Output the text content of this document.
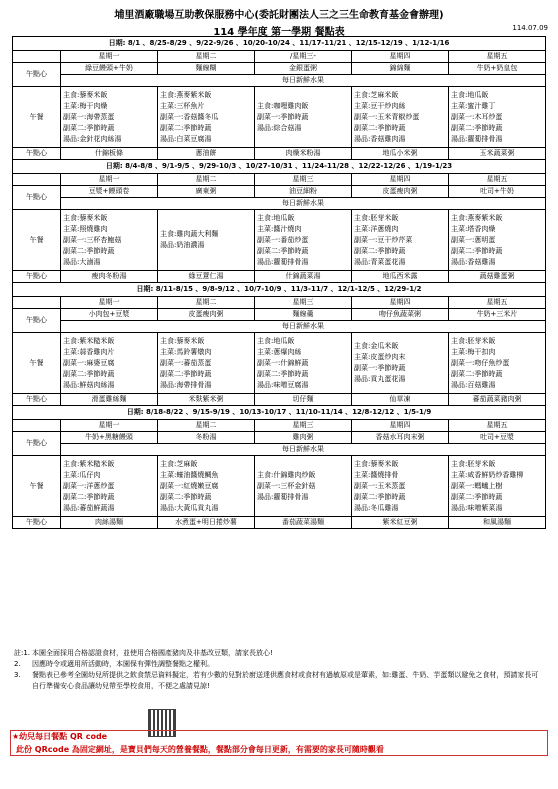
埔里酒廠職場互助教保服務中心(委託財團法人三之三生命教育基金會辦理)
114 學年度 第一學期 餐點表	114.07.09
日期: 8/1 、8/25-8/29 、9/22-9/26 、10/20-10/24 、11/17-11/21 、12/15-12/19 、1/12-1/16					
	星期一	星期二	/星期三-	星期四	星期五
午點心	綠豆饅頭+牛奶	麵線糊	金銀蛋粥	錦綿麵	牛奶+奶皇包
	每日新鮮水果				
午餐	主食:藜麥米飯
主菜:梅干肉燥
副菜一:海帶蒸蛋
副菜二:季節時蔬
湯品:金針花肉絲湯	主食:燕麥紫米飯
主菜:三杯魚片
副菜一:香菇醬冬瓜
副菜二:季節時蔬
湯品:白菜豆腐湯	主食:咖哩雞肉飯
副菜一:季節時蔬
湯品:綜合菇湯	主食:芝麻米飯
主菜:豆干炒肉絲
副菜一:玉米青椒炒蛋
副菜二:季節時蔬
湯品:香菇雞肉湯	主食:地瓜飯
主菜:蜜汁雞丁
副菜一:木耳炒蛋
副菜二:季節時蔬
湯品:蘿蔔排骨湯

午點心	什錦板條	蔥油餅	肉燥米粉湯	地瓜小米粥	玉米蔬菜粥
日期: 8/4-8/8 、9/1-9/5 、9/29-10/3 、10/27-10/31 、11/24-11/28 、12/22-12/26 、1/19-1/23					
	星期一	星期二	星期三	星期四	星期五
午點心	豆漿+饅頭卷	廣東粥	油豆細粉	皮蛋瘦肉粥	吐司+牛奶
	每日新鮮水果				
午餐	主食:藜麥米飯
主菜:照燒雞肉
副菜一:三杯杏鮑菇
副菜二:季節時蔬
湯品:大滷湯	主食:雞肉蔬大利麵
湯品:奶油濃湯	主食:地瓜飯
主菜:醬汁燒肉
副菜一:番茄炒蛋
副菜二:季節時蔬
湯品:蘿蔔排骨湯	主食:胚芽米飯
主菜:洋蔥燒肉
副菜一:豆干炒芹菜
副菜二:季節時蔬
湯品:青菜蛋花湯	主食:燕麥紫米飯
主菜:塔香肉燥
副菜一:蔥明蛋
副菜二:季節時蔬
湯品:香菇雞湯

午點心	瘦肉冬粉湯	綠豆薏仁湯	什錦蔬菜湯	地瓜西米露	蔬菇雞蛋粥
日期: 8/11-8/15 、9/8-9/12 、10/7-10/9 、11/3-11/7 、12/1-12/5 、12/29-1/2					
	星期一	星期二	星期三	星期四	星期五
午點心	小肉包+豆漿	皮蛋瘦肉粥	麵線羹	吻仔魚蔬菜粥	牛奶+三米片
	每日新鮮水果				
午餐	主食:紫米糙米飯
主菜:蒜香雞肉片
副菜一:麻婆豆腐
副菜二:季節時蔬
湯品:鮮菇肉絲湯	主食:藜麥米飯
主菜:馬鈴薯燉肉
副菜一:蕃茄蒸蛋
副菜二:季節時蔬
湯品:海帶排骨湯	主食:地瓜飯
主菜:蔥爆肉絲
副菜一:什錦鮮蔬
副菜二:季節時蔬
湯品:味噌豆腐湯	主食:金瓜米飯
主菜:皮蛋炒肉末
副菜一:季節時蔬
湯品:貢丸蛋花湯	主食:胚芽米飯
主菜:梅干扣肉
副菜一:吻仔魚炒蛋
副菜二:季節時蔬
湯品:百菇雞湯

午點心	滑蛋雞絲麵	米麩紫米粥	切仔麵	仙草凍	蕃茄蔬菜豬肉粥
日期: 8/18-8/22 、9/15-9/19 、10/13-10/17 、11/10-11/14 、12/8-12/12 、1/5-1/9					
	星期一	星期二	星期三	星期四	星期五
午點心	牛奶+黑糖饅頭	冬粉湯	雞肉粥	香菇水耳肉末粥	吐司+豆漿
	每日新鮮水果				
午餐	主食:紫米糙米飯
主菜:瓜仔肉
副菜一:洋蔥炒蛋
副菜二:季節時蔬
湯品:蕃茄鮮蔬湯	主食:芝麻飯
主菜:蠔油醬燒鯛魚
副菜一:紅燒嫩豆腐
副菜二:季節時蔬
湯品:大黃瓜貢丸湯	主食:什錦雞肉炒飯
副菜一:三杯金針菇
湯品:蘿蔔排骨湯	主食:藜麥米飯
主菜:醬燒排骨
副菜一:玉米蒸蛋
副菜二:季節時蔬
湯品:冬瓜雞湯	主食:胚芽米飯
主菜:咸香鮮奶炒香雞柳
副菜一:螞蟻上樹
副菜二:季節時蔬
湯品:味噌紫菜湯

午點心	肉絲湯麵	水煮蛋+明日捲炒薯	番茄蔬菜湯麵	紫米紅豆粥	和風湯麵
註:1. 本園全面採用合格認證食材，並使用合格國產豬肉及非基改豆類，請家長放心!
2.	因應時令或適用所活動時，本園保有彈性調整餐點之權利。
3.	餐點表已參考全園幼兒所提供之飲食禁忌資料擬定，若有少數的兒對於廚送達供應食材或食材有過敏原或是葷素，如:雞蛋、牛奶、芋蛋類以避免之食材，預請家長可自行準備安心食品讓幼兒帶至學校食用，不便之處請見諒!
★幼兒每日餐點 QR code
此份 QRcode 為固定網址，是寶貝們每天的營養餐點，餐點部分會每日更新，有需要的家長可隨時觀看
